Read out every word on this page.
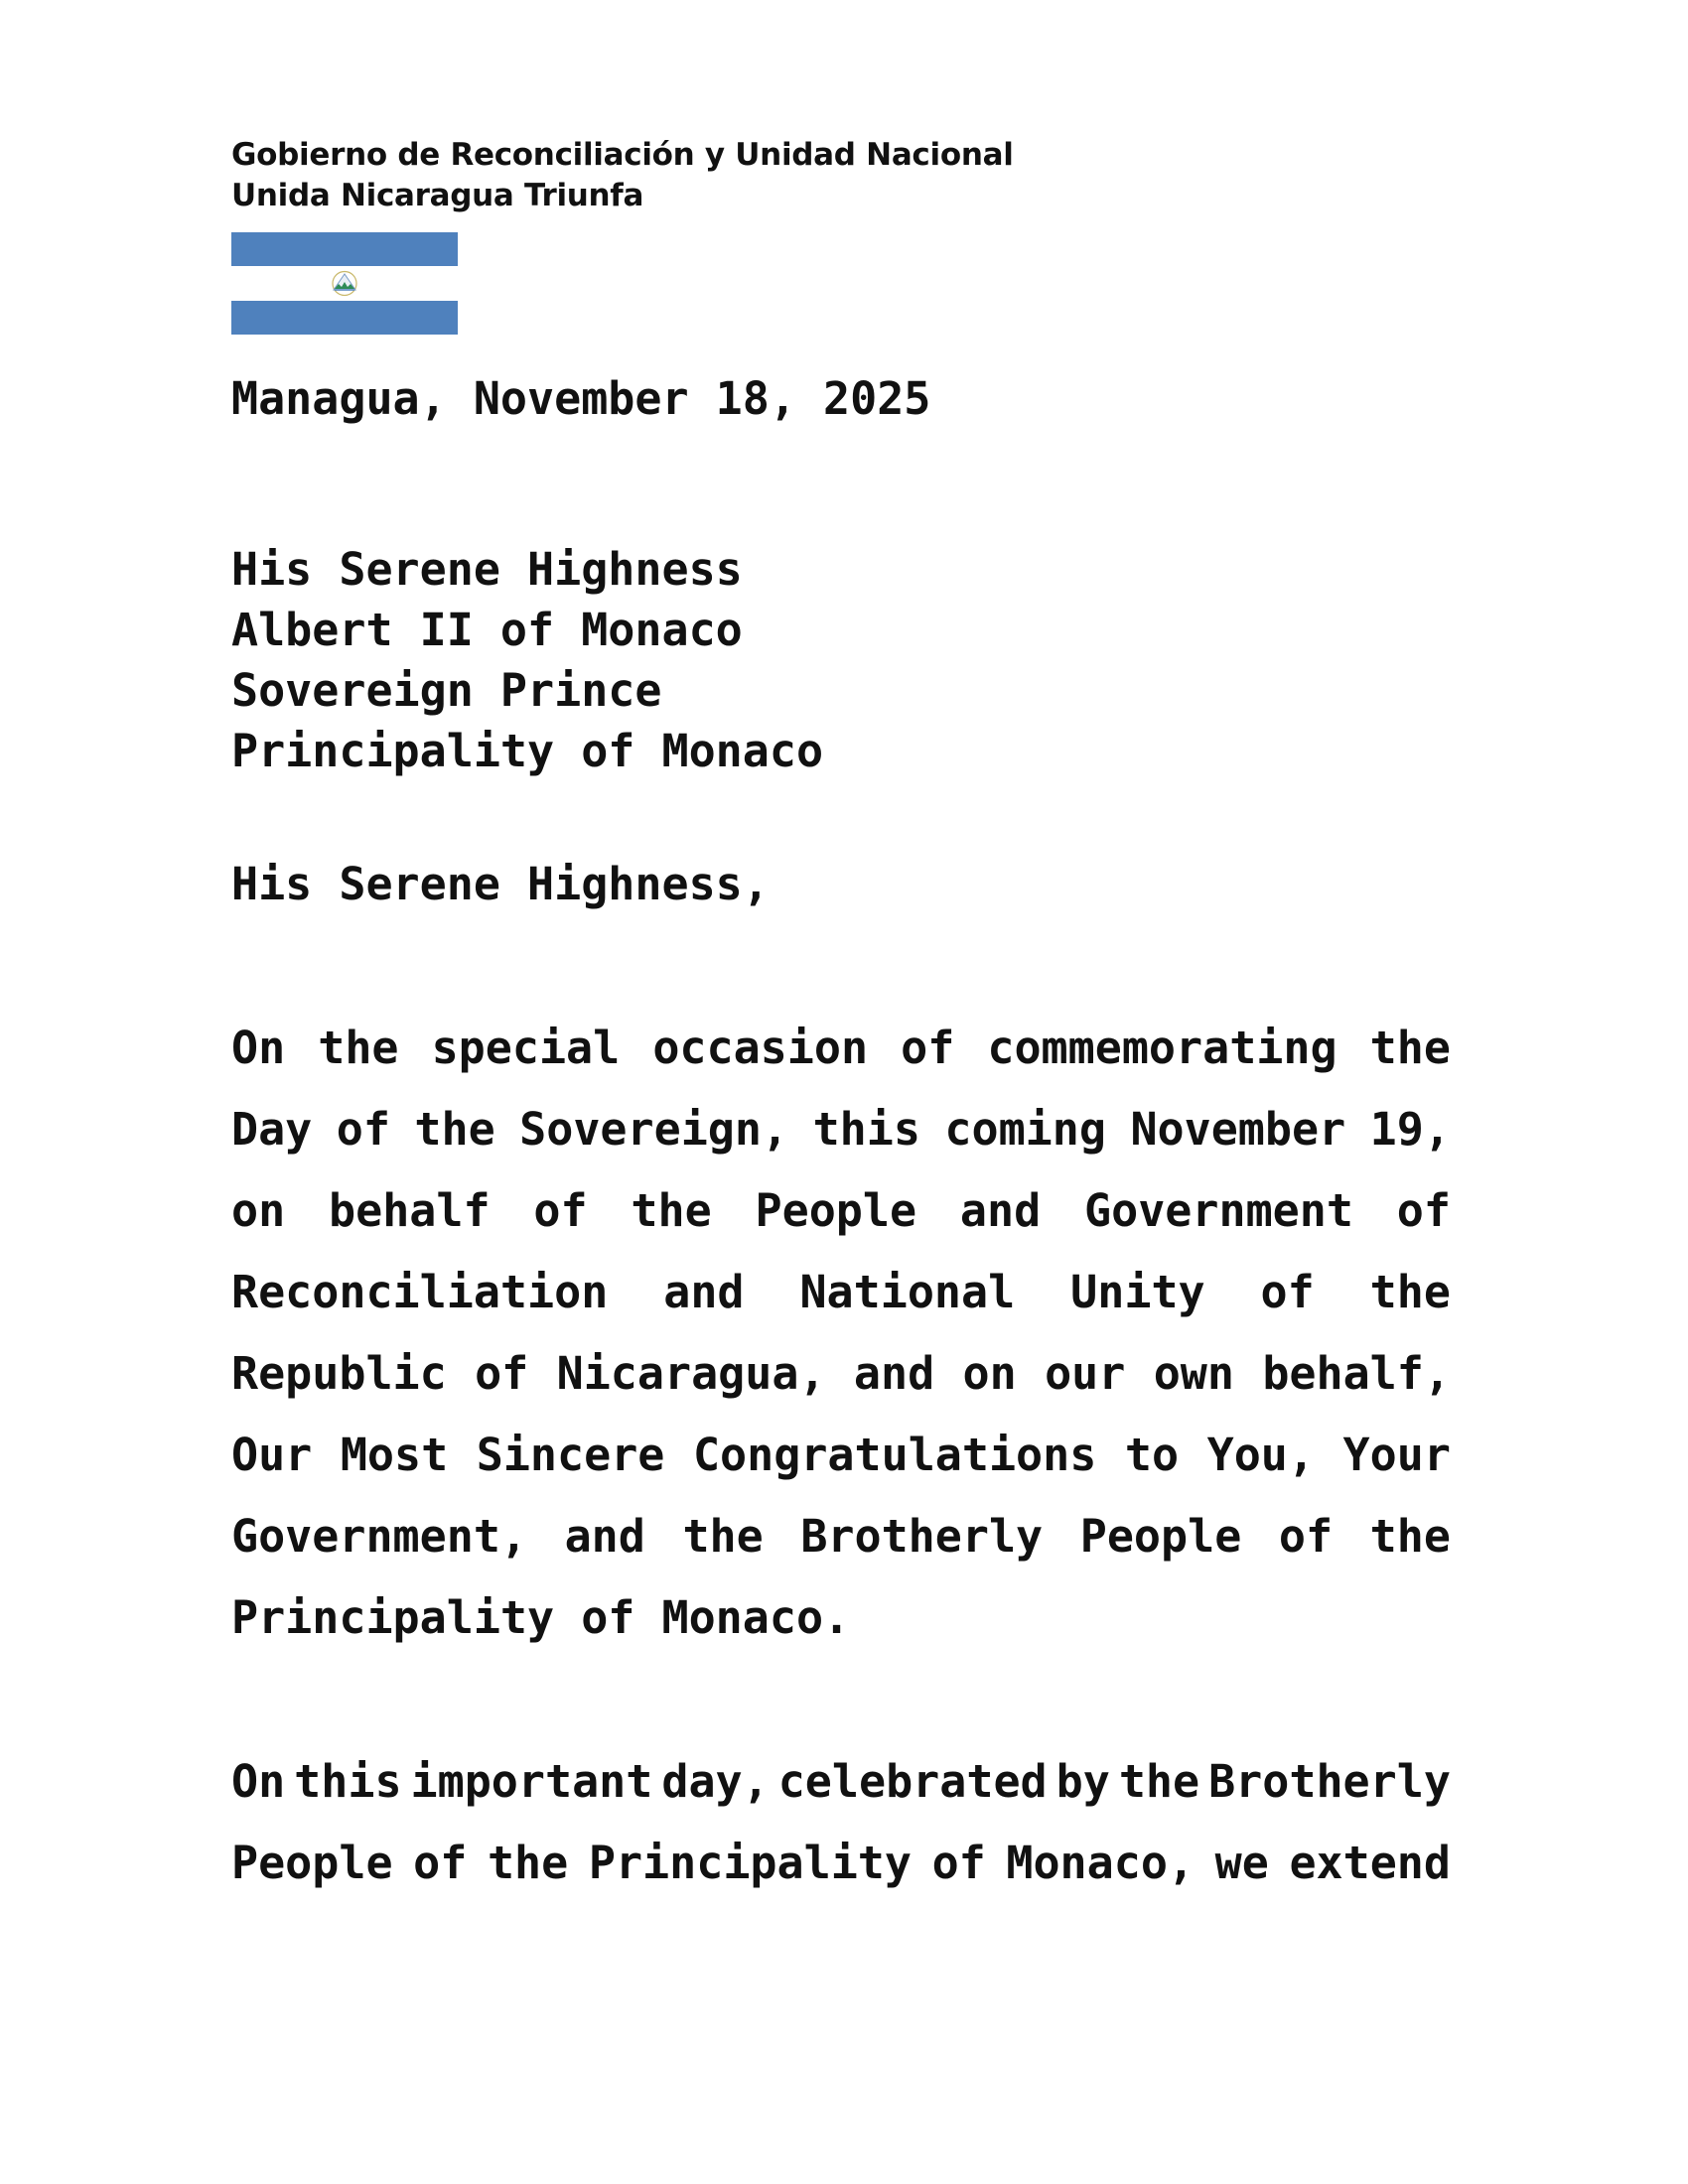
Gobierno de Reconciliación y Unidad Nacional
Unida Nicaragua Triunfa
Managua, November 18, 2025
His Serene Highness
Albert II of Monaco
Sovereign Prince
Principality of Monaco
His Serene Highness,
On the special occasion of commemorating the
Day of the Sovereign, this coming November 19,
on behalf of the People and Government of
Reconciliation and National Unity of the
Republic of Nicaragua, and on our own behalf,
Our Most Sincere Congratulations to You, Your
Government, and the Brotherly People of the
Principality of Monaco.
On this important day, celebrated by the Brotherly
People of the Principality of Monaco, we extend
